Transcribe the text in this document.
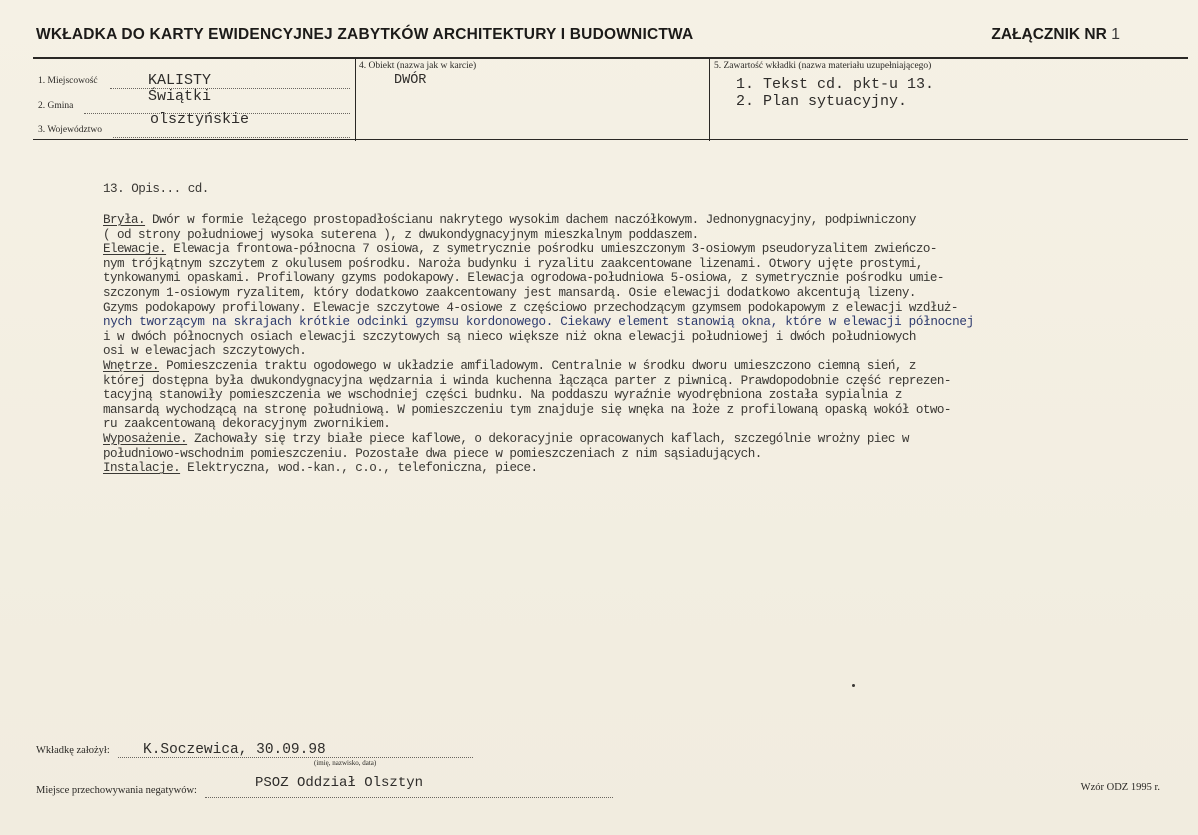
WKŁADKA DO KARTY EWIDENCYJNEJ ZABYTKÓW ARCHITEKTURY I BUDOWNICTWA	ZAŁĄCZNIK NR 1
1. Miejscowość	KALISTY
2. Gmina
Świątki
3. Województwo
olsztyńskie
4. Obiekt (nazwa jak w karcie)
DWÓR
5. Zawartość wkładki (nazwa materiału uzupełniającego)
1. Tekst cd. pkt-u 13.
2. Plan sytuacyjny.
13. Opis... cd.
Bryła. Dwór w formie leżącego prostopadłościanu nakrytego wysokim dachem naczółkowym. Jednonygnacyjny, podpiwniczony
( od strony południowej wysoka suterena ), z dwukondygnacyjnym mieszkalnym poddaszem.
Elewacje. Elewacja frontowa-północna 7 osiowa, z symetrycznie pośrodku umieszczonym 3-osiowym pseudoryzalitem zwieńczo-
nym trójkątnym szczytem z okulusem pośrodku. Naroża budynku i ryzalitu zaakcentowane lizenami. Otwory ujęte prostymi,
tynkowanymi opaskami. Profilowany gzyms podokapowy. Elewacja ogrodowa-południowa 5-osiowa, z symetrycznie pośrodku umie-
szczonym 1-osiowym ryzalitem, który dodatkowo zaakcentowany jest mansardą. Osie elewacji dodatkowo akcentują lizeny.
Gzyms podokapowy profilowany. Elewacje szczytowe 4-osiowe z częściowo przechodzącym gzymsem podokapowym z elewacji wzdłuż-
nych tworzącym na skrajach krótkie odcinki gzymsu kordonowego. Ciekawy element stanowią okna, które w elewacji północnej
i w dwóch północnych osiach elewacji szczytowych są nieco większe niż okna elewacji południowej i dwóch południowych
osi w elewacjach szczytowych.
Wnętrze. Pomieszczenia traktu ogodowego w układzie amfiladowym. Centralnie w środku dworu umieszczono ciemną sień, z
której dostępna była dwukondygnacyjna wędzarnia i winda kuchenna łącząca parter z piwnicą. Prawdopodobnie część reprezen-
tacyjną stanowiły pomieszczenia we wschodniej części budnku. Na poddaszu wyraźnie wyodrębniona została sypialnia z
mansardą wychodzącą na stronę południową. W pomieszczeniu tym znajduje się wnęka na łoże z profilowaną opaską wokół otwo-
ru zaakcentowaną dekoracyjnym zwornikiem.
Wyposażenie. Zachowały się trzy białe piece kaflowe, o dekoracyjnie opracowanych kaflach, szczególnie wrożny piec w
południowo-wschodnim pomieszczeniu. Pozostałe dwa piece w pomieszczeniach z nim sąsiadujących.
Instalacje. Elektryczna, wod.-kan., c.o., telefoniczna, piece.
Wkładkę założył: K.Soczewica, 30.09.98
(imię, nazwisko, data)
Miejsce przechowywania negatywów:	PSOZ Oddział Olsztyn	Wzór ODZ 1995 r.
